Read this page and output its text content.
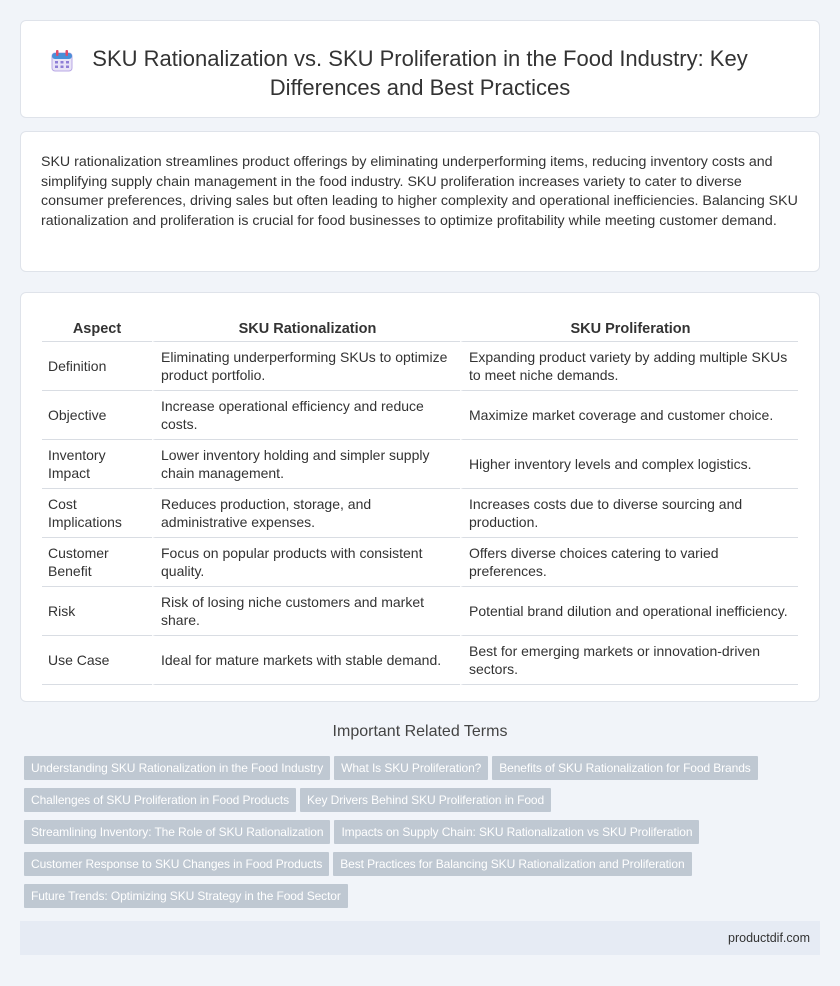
SKU Rationalization vs. SKU Proliferation in the Food Industry: Key Differences and Best Practices

SKU rationalization streamlines product offerings by eliminating underperforming items, reducing inventory costs and simplifying supply chain management in the food industry. SKU proliferation increases variety to cater to diverse consumer preferences, driving sales but often leading to higher complexity and operational inefficiencies. Balancing SKU rationalization and proliferation is crucial for food businesses to optimize profitability while meeting customer demand.

Aspect	SKU Rationalization	SKU Proliferation
Definition	Eliminating underperforming SKUs to optimize product portfolio.	Expanding product variety by adding multiple SKUs to meet niche demands.
Objective	Increase operational efficiency and reduce costs.	Maximize market coverage and customer choice.
Inventory Impact	Lower inventory holding and simpler supply chain management.	Higher inventory levels and complex logistics.
Cost Implications	Reduces production, storage, and administrative expenses.	Increases costs due to diverse sourcing and production.
Customer Benefit	Focus on popular products with consistent quality.	Offers diverse choices catering to varied preferences.
Risk	Risk of losing niche customers and market share.	Potential brand dilution and operational inefficiency.
Use Case	Ideal for mature markets with stable demand.	Best for emerging markets or innovation-driven sectors.
Important Related Terms
Understanding SKU Rationalization in the Food Industry What Is SKU Proliferation? Benefits of SKU Rationalization for Food Brands
Challenges of SKU Proliferation in Food Products Key Drivers Behind SKU Proliferation in Food
Streamlining Inventory: The Role of SKU Rationalization Impacts on Supply Chain: SKU Rationalization vs SKU Proliferation
Customer Response to SKU Changes in Food Products Best Practices for Balancing SKU Rationalization and Proliferation
Future Trends: Optimizing SKU Strategy in the Food Sector
productdif.com
